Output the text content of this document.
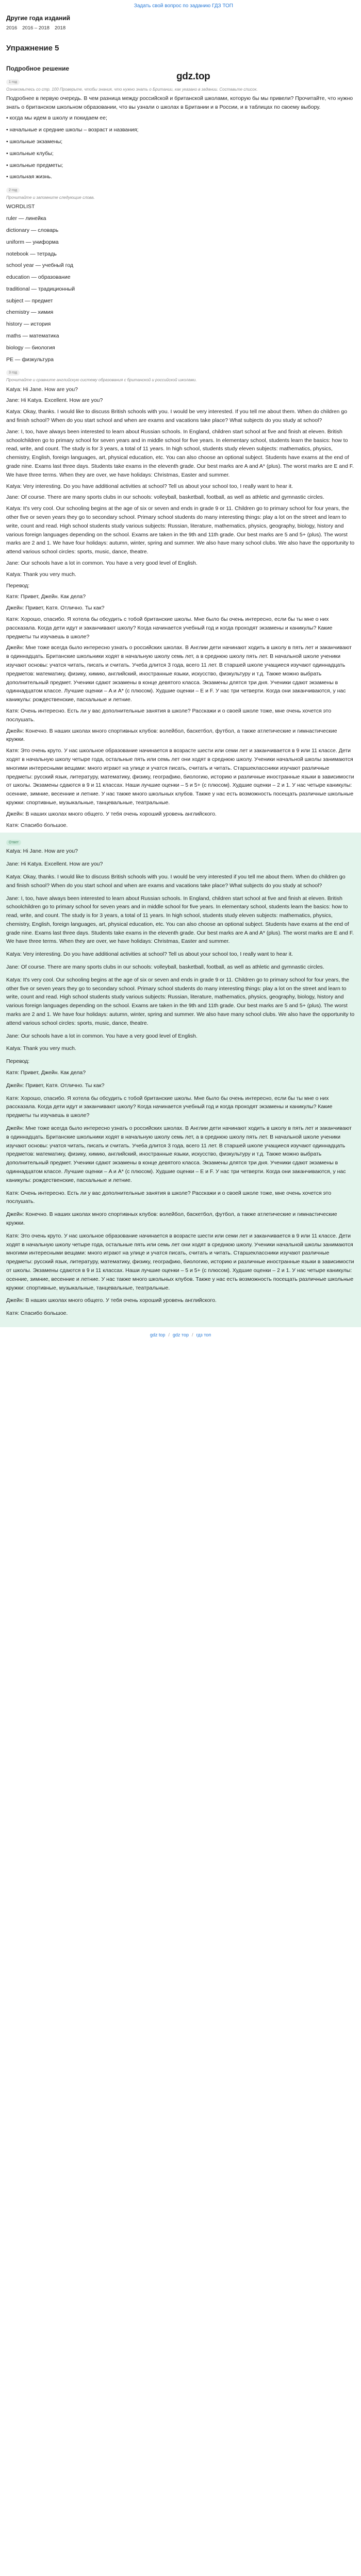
Задать свой вопрос по заданию ГДЗ ТОП
Другие года изданий
2016 2016 – 2018 2018
Упражнение 5
Подробное решение
1 год
Ознакомьтесь со стр. 100 Проверьте, чтобы знания, что нужно знать о Британии, как указано в задании. Составьте список.

Подробнее в первую очередь. В чем разница между российской и британской школами, которую бы мы привели? Прочитайте, что нужно знать о британском школьном образовании, что вы узнали о школах в Британии и в России, и в таблицах по своему выбору.

• когда мы идем в школу и покидаем ее;
• начальные и средние школы – возраст и названия;
• школьные экзамены;
• школьные клубы;
• школьные предметы;
• школьная жизнь.
2 год
Прочитайте и запомните следующие слова.
WORDLIST
ruler — линейка
dictionary — словарь
uniform — униформа
notebook — тетрадь
school year — учебный год
education — образование
traditional — традиционный
subject — предмет
chemistry — химия
history — история
maths — математика
biology — биология
PE — физкультура
3 год
Прочитайте и сравните английскую систему образования с британской и российской школами.

Katya: Hi Jane. How are you?

Jane: Hi Katya. Excellent. How are you?

Katya: Okay, thanks. I would like to discuss British schools with you. I would be very interested. If you tell me about them. When do children go and finish school? When do you start school and when are exams and vacations take place? What subjects do you study at school?

Jane: I, too, have always been interested to learn about Russian schools. In England, children start school at five and finish at eleven. British schoolchildren go to primary school for seven years and in middle school for five years. In elementary school, students learn the basics: how to read, write, and count. The study is for 3 years, a total of 11 years. In high school, students study eleven subjects: mathematics, physics, chemistry, English, foreign languages, art, physical education, etc. You can also choose an optional subject. Students have exams at the end of grade nine. Exams last three days. Students take exams in the eleventh grade. Our best marks are A and A* (plus). The worst marks are E and F. We have three terms. When they are over, we have holidays: Christmas, Easter and summer.

Katya: Very interesting. Do you have additional activities at school? Tell us about your school too, I really want to hear it.

Jane: Of course. There are many sports clubs in our schools: volleyball, basketball, football, as well as athletic and gymnastic circles.

Katya: It's very cool. Our schooling begins at the age of six or seven and ends in grade 9 or 11. Children go to primary school for four years, the other five or seven years they go to secondary school. Primary school students do many interesting things: play a lot on the street and learn to write, count and read. High school students study various subjects: Russian, literature, mathematics, physics, geography, biology, history and various foreign languages depending on the school. Exams are taken in the 9th and 11th grade. Our best marks are 5 and 5+ (plus). The worst marks are 2 and 1. We have four holidays: autumn, winter, spring and summer. We also have many school clubs. We also have the opportunity to attend various school circles: sports, music, dance, theatre.

Jane: Our schools have a lot in common. You have a very good level of English.

Katya: Thank you very much.

Перевод:

Катя: Привет, Джейн. Как дела?

Джейн: Привет, Катя. Отлично. Ты как?

Катя: Хорошо, спасибо. Я хотела бы обсудить с тобой британские школы. Мне было бы очень интересно, если бы ты мне о них рассказала. Когда дети идут и заканчивают школу? Когда начинается учебный год и когда проходят экзамены и каникулы? Какие предметы ты изучаешь в школе?

Джейн: Мне тоже всегда было интересно узнать о российских школах. В Англии дети начинают ходить в школу в пять лет и заканчивают в одиннадцать. Британские школьники ходят в начальную школу семь лет, а в среднюю школу пять лет. В начальной школе ученики изучают основы: учатся читать, писать и считать. Учеба длится 3 года, всего 11 лет. В старшей школе учащиеся изучают одиннадцать предметов: математику, физику, химию, английский, иностранные языки, искусство, физкультуру и т.д. Также можно выбрать дополнительный предмет. Ученики сдают экзамены в конце девятого класса. Экзамены длятся три дня. Ученики сдают экзамены в одиннадцатом классе. Лучшие оценки – A и A* (с плюсом). Худшие оценки – E и F. У нас три четверти. Когда они заканчиваются, у нас каникулы: рождественские, пасхальные и летние.

Катя: Очень интересно. Есть ли у вас дополнительные занятия в школе? Расскажи и о своей школе тоже, мне очень хочется это послушать.

Джейн: Конечно. В наших школах много спортивных клубов: волейбол, баскетбол, футбол, а также атлетические и гимнастические кружки.

Катя: Это очень круто. У нас школьное образование начинается в возрасте шести или семи лет и заканчивается в 9 или 11 классе. Дети ходят в начальную школу четыре года, остальные пять или семь лет они ходят в среднюю школу. Ученики начальной школы занимаются многими интересными вещами: много играют на улице и учатся писать, считать и читать. Старшеклассники изучают различные предметы: русский язык, литературу, математику, физику, географию, биологию, историю и различные иностранные языки в зависимости от школы. Экзамены сдаются в 9 и 11 классах. Наши лучшие оценки – 5 и 5+ (с плюсом). Худшие оценки – 2 и 1. У нас четыре каникулы: осенние, зимние, весенние и летние. У нас также много школьных клубов. Также у нас есть возможность посещать различные школьные кружки: спортивные, музыкальные, танцевальные, театральные.

Джейн: В наших школах много общего. У тебя очень хороший уровень английского.

Катя: Спасибо большое.

Ответ

Katya: Hi Jane. How are you?

Jane: Hi Katya. Excellent. How are you?

Katya: Okay, thanks. I would like to discuss British schools with you. I would be very interested if you tell me about them. When do children go and finish school? When do you start school and when are exams and vacations take place? What subjects do you study at school?

Jane: I, too, have always been interested to learn about Russian schools. In England, children start school at five and finish at eleven. British schoolchildren go to primary school for seven years and in middle school for five years. In elementary school, students learn the basics: how to read, write, and count. The study is for 3 years, a total of 11 years. In high school, students study eleven subjects: mathematics, physics, chemistry, English, foreign languages, art, physical education, etc. You can also choose an optional subject. Students have exams at the end of grade nine. Exams last three days. Students take exams in the eleventh grade. Our best marks are A and A* (plus). The worst marks are E and F. We have three terms. When they are over, we have holidays: Christmas, Easter and summer.

Katya: Very interesting. Do you have additional activities at school? Tell us about your school too, I really want to hear it.

Jane: Of course. There are many sports clubs in our schools: volleyball, basketball, football, as well as athletic and gymnastic circles.

Katya: It's very cool. Our schooling begins at the age of six or seven and ends in grade 9 or 11. Children go to primary school for four years, the other five or seven years they go to secondary school. Primary school students do many interesting things: play a lot on the street and learn to write, count and read. High school students study various subjects: Russian, literature, mathematics, physics, geography, biology, history and various foreign languages depending on the school. Exams are taken in the 9th and 11th grade. Our best marks are 5 and 5+ (plus). The worst marks are 2 and 1. We have four holidays: autumn, winter, spring and summer. We also have many school clubs. We also have the opportunity to attend various school circles: sports, music, dance, theatre.

Jane: Our schools have a lot in common. You have a very good level of English.

Katya: Thank you very much.

Перевод:

Катя: Привет, Джейн. Как дела?

Джейн: Привет, Катя. Отлично. Ты как?

Катя: Хорошо, спасибо. Я хотела бы обсудить с тобой британские школы. Мне было бы очень интересно, если бы ты мне о них рассказала. Когда дети идут и заканчивают школу? Когда начинается учебный год и когда проходят экзамены и каникулы? Какие предметы ты изучаешь в школе?

Джейн: Мне тоже всегда было интересно узнать о российских школах. В Англии дети начинают ходить в школу в пять лет и заканчивают в одиннадцать. Британские школьники ходят в начальную школу семь лет, а в среднюю школу пять лет. В начальной школе ученики изучают основы: учатся читать, писать и считать. Учеба длится 3 года, всего 11 лет. В старшей школе учащиеся изучают одиннадцать предметов: математику, физику, химию, английский, иностранные языки, искусство, физкультуру и т.д. Также можно выбрать дополнительный предмет. Ученики сдают экзамены в конце девятого класса. Экзамены длятся три дня. Ученики сдают экзамены в одиннадцатом классе. Лучшие оценки – A и A* (с плюсом). Худшие оценки – E и F. У нас три четверти. Когда они заканчиваются, у нас каникулы: рождественские, пасхальные и летние.

Катя: Очень интересно. Есть ли у вас дополнительные занятия в школе? Расскажи и о своей школе тоже, мне очень хочется это послушать.

Джейн: Конечно. В наших школах много спортивных клубов: волейбол, баскетбол, футбол, а также атлетические и гимнастические кружки.

Катя: Это очень круто. У нас школьное образование начинается в возрасте шести или семи лет и заканчивается в 9 или 11 классе. Дети ходят в начальную школу четыре года, остальные пять или семь лет они ходят в среднюю школу. Ученики начальной школы занимаются многими интересными вещами: много играют на улице и учатся писать, считать и читать. Старшеклассники изучают различные предметы: русский язык, литературу, математику, физику, географию, биологию, историю и различные иностранные языки в зависимости от школы. Экзамены сдаются в 9 и 11 классах. Наши лучшие оценки – 5 и 5+ (с плюсом). Худшие оценки – 2 и 1. У нас четыре каникулы: осенние, зимние, весенние и летние. У нас также много школьных клубов. Также у нас есть возможность посещать различные школьные кружки: спортивные, музыкальные, танцевальные, театральные.

Джейн: В наших школах много общего. У тебя очень хороший уровень английского.

Катя: Спасибо большое.

gdz.top
gdz top / gdz тор / гдз топ
